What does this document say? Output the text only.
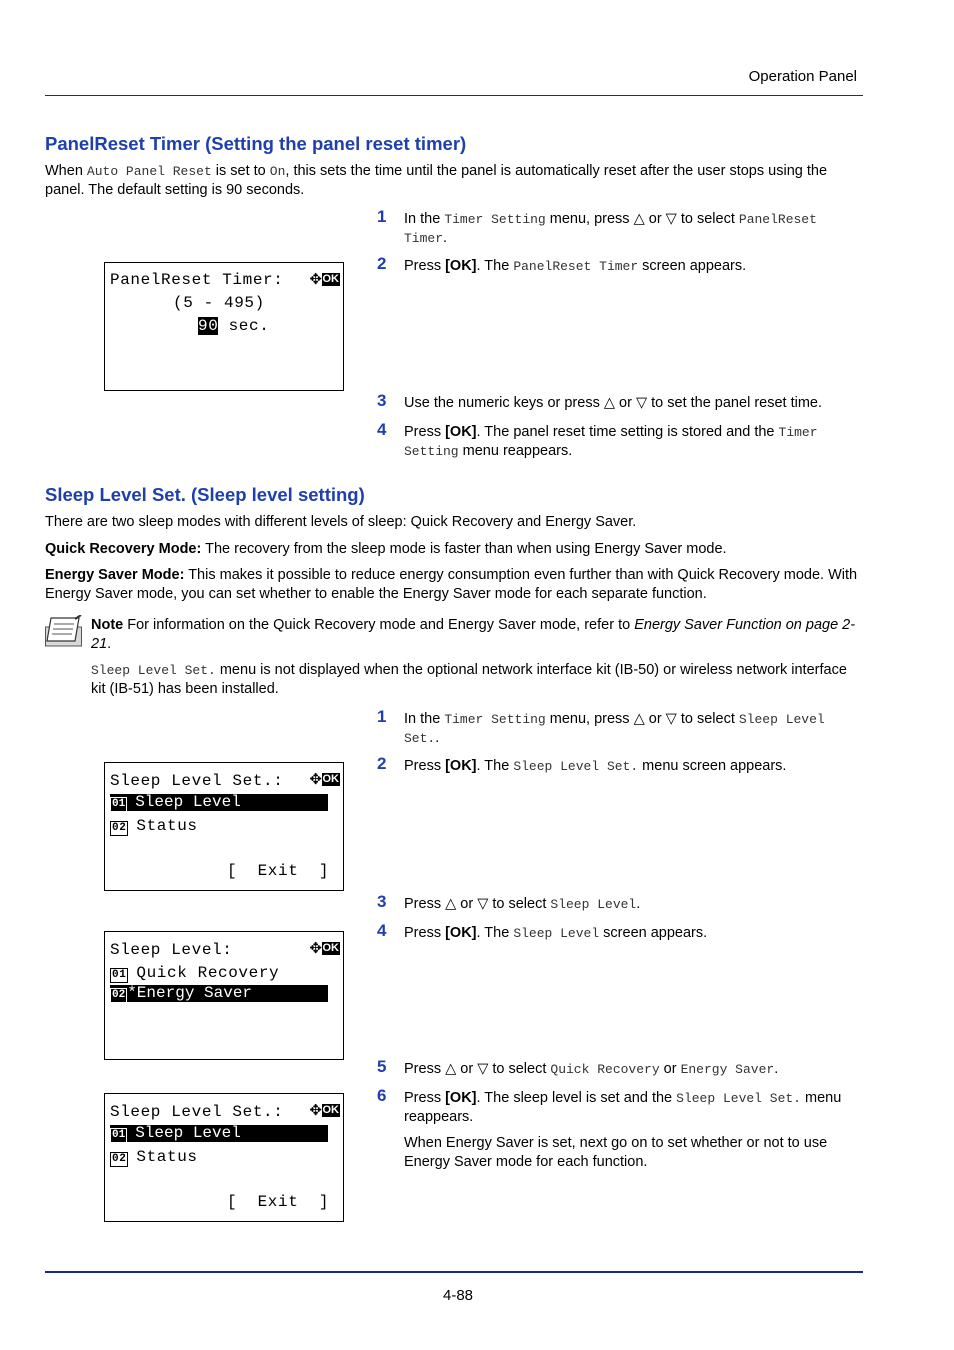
Operation Panel
PanelReset Timer (Setting the panel reset timer)
When Auto Panel Reset is set to On, this sets the time until the panel is automatically reset after the user stops using the panel. The default setting is 90 seconds.
1 In the Timer Setting menu, press △ or ▽ to select PanelReset Timer.
2 Press [OK]. The PanelReset Timer screen appears.
PanelReset Timer: ✥ OK
(5 - 495)
90 sec.
3 Use the numeric keys or press △ or ▽ to set the panel reset time.
4 Press [OK]. The panel reset time setting is stored and the Timer Setting menu reappears.
Sleep Level Set. (Sleep level setting)
There are two sleep modes with different levels of sleep: Quick Recovery and Energy Saver.
Quick Recovery Mode: The recovery from the sleep mode is faster than when using Energy Saver mode.
Energy Saver Mode: This makes it possible to reduce energy consumption even further than with Quick Recovery mode. With Energy Saver mode, you can set whether to enable the Energy Saver mode for each separate function.
Note For information on the Quick Recovery mode and Energy Saver mode, refer to Energy Saver Function on page 2-21.
Sleep Level Set. menu is not displayed when the optional network interface kit (IB-50) or wireless network interface kit (IB-51) has been installed.
1 In the Timer Setting menu, press △ or ▽ to select Sleep Level Set..
2 Press [OK]. The Sleep Level Set. menu screen appears.
Sleep Level Set.: ✥ OK
01 Sleep Level
02 Status
[  Exit  ]
3 Press △ or ▽ to select Sleep Level.
4 Press [OK]. The Sleep Level screen appears.
Sleep Level:	✥ OK
01 Quick Recovery
02 *Energy Saver
5 Press △ or ▽ to select Quick Recovery or Energy Saver.
6 Press [OK]. The sleep level is set and the Sleep Level Set. menu reappears.
When Energy Saver is set, next go on to set whether or not to use Energy Saver mode for each function.
Sleep Level Set.: ✥ OK
01 Sleep Level
02 Status
[  Exit  ]
4-88
